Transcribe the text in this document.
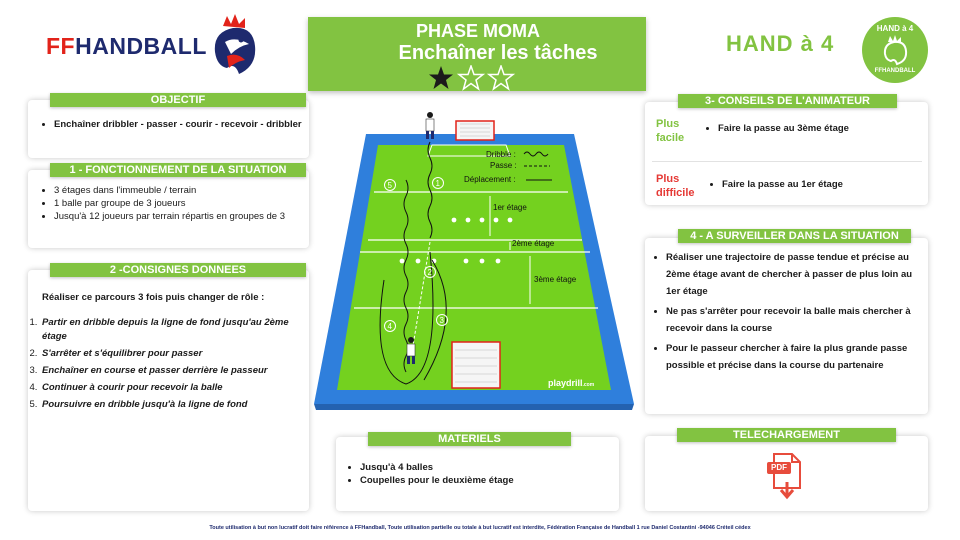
FFHANDBALL
PHASE MOMA
Enchaîner les tâches	HAND à 4
HAND à 4
FFHANDBALL
OBJECTIF
• Enchaîner dribbler - passer - courir - recevoir - dribbler
1 - FONCTIONNEMENT DE LA SITUATION
• 3 étages dans l'immeuble / terrain
• 1 balle par groupe de 3 joueurs
• Jusqu'à 12 joueurs par terrain répartis en groupes de 3
2 -CONSIGNES DONNEES
Réaliser ce parcours 3 fois puis changer de rôle :
1. Partir en dribble depuis la ligne de fond jusqu'au 2ème étage
2. S'arrêter et s'équilibrer pour passer
3. Enchaîner en course et passer derrière le passeur
4. Continuer à courir pour recevoir la balle
5. Poursuivre en dribble jusqu'à la ligne de fond
1er étage
2ème étage
3ème étage
Dribble :
Passe :
Déplacement :
1
2
3
4
5
playdrill.com
MATERIELS
• Jusqu'à 4 balles
• Coupelles pour le deuxième étage
3- CONSEILS DE L'ANIMATEUR
Plus facile
• Faire la passe au 3ème étage
Plus difficile
• Faire la passe au 1er étage
4 - A SURVEILLER DANS LA SITUATION
• Réaliser une trajectoire de passe tendue et précise au 2ème étage avant de chercher à passer de plus loin au 1er étage
• Ne pas s'arrêter pour recevoir la balle mais chercher à recevoir dans la course
• Pour le passeur chercher à faire la plus grande passe possible et précise dans la course du partenaire
TELECHARGEMENT
PDF
Toute utilisation à but non lucratif doit faire référence à FFHandball, Toute utilisation partielle ou totale à but lucratif est interdite, Fédération Française de Handball 1 rue Daniel Costantini -94046 Créteil cédex
